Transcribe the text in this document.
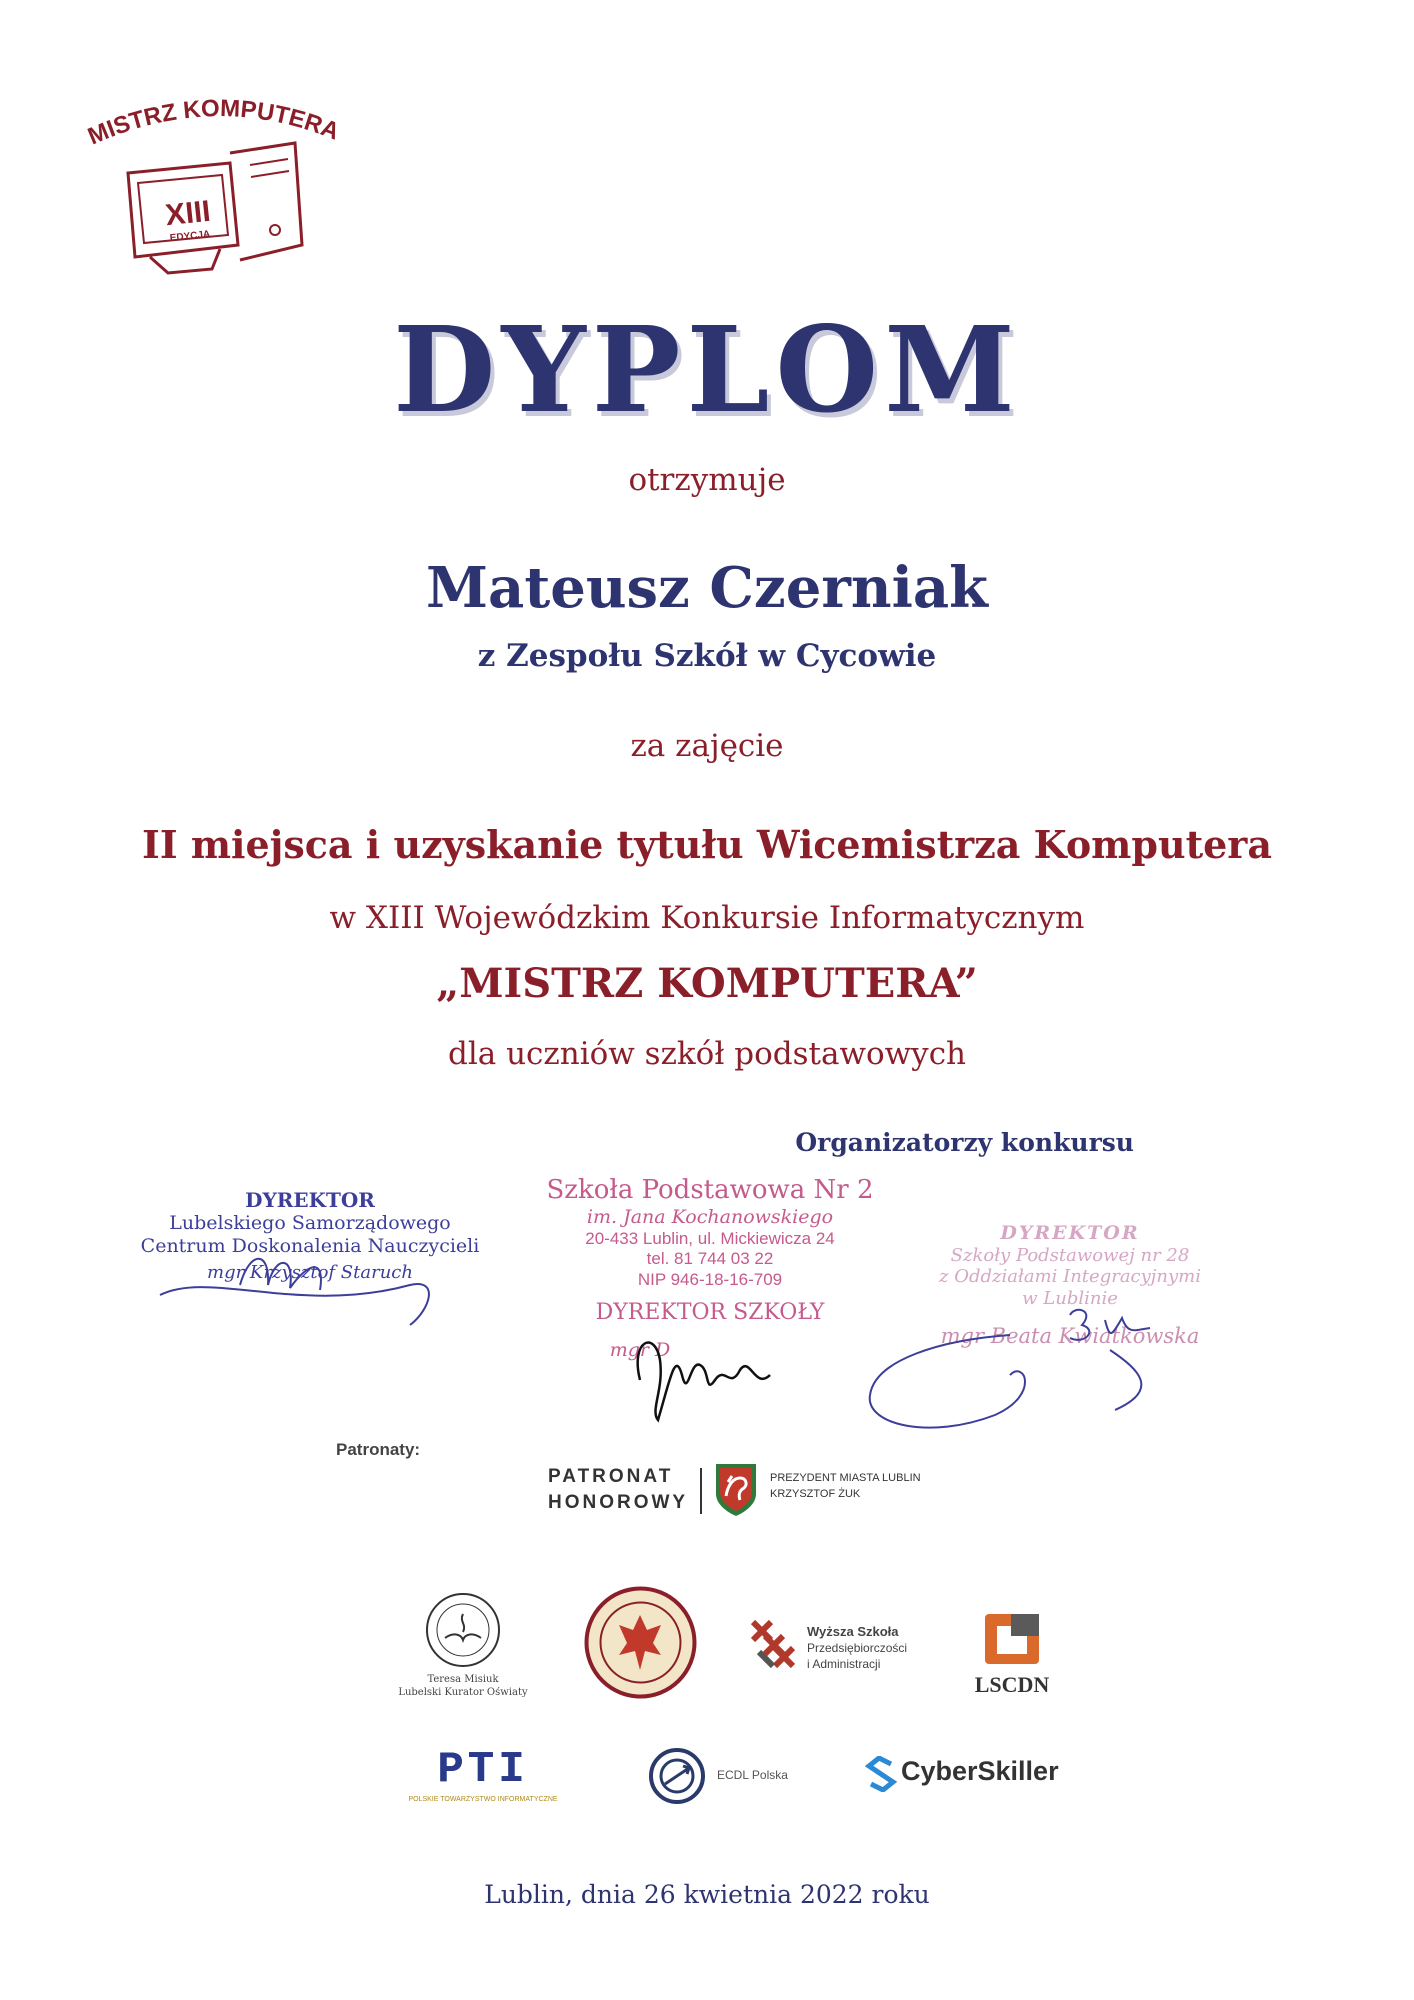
MISTRZ KOMPUTERA
XIII
EDYCJA
DYPLOM
otrzymuje
Mateusz Czerniak
z Zespołu Szkół w Cycowie
za zajęcie
II miejsca i uzyskanie tytułu Wicemistrza Komputera
w XIII Wojewódzkim Konkursie Informatycznym
„MISTRZ KOMPUTERA”
dla uczniów szkół podstawowych
Organizatorzy konkursu
DYREKTOR
Lubelskiego Samorządowego
Centrum Doskonalenia Nauczycieli
mgr Krzysztof Staruch
Szkoła Podstawowa Nr 2
im. Jana Kochanowskiego
20-433 Lublin, ul. Mickiewicza 24
tel. 81 744 03 22
NIP 946-18-16-709
DYREKTOR SZKOŁY
mgr D
DYREKTOR
Szkoły Podstawowej nr 28
z Oddziałami Integracyjnymi
w Lublinie
mgr Beata Kwiatkowska
Patronaty:
PATRONAT
HONOROWY
PREZYDENT MIASTA LUBLIN
KRZYSZTOF ŻUK
Teresa Misiuk
Lubelski Kurator Oświaty
Wyższa Szkoła
Przedsiębiorczości
i Administracji
LSCDN
PTI
POLSKIE TOWARZYSTWO INFORMATYCZNE
ECDL Polska	CyberSkiller
Lublin, dnia 26 kwietnia 2022 roku
